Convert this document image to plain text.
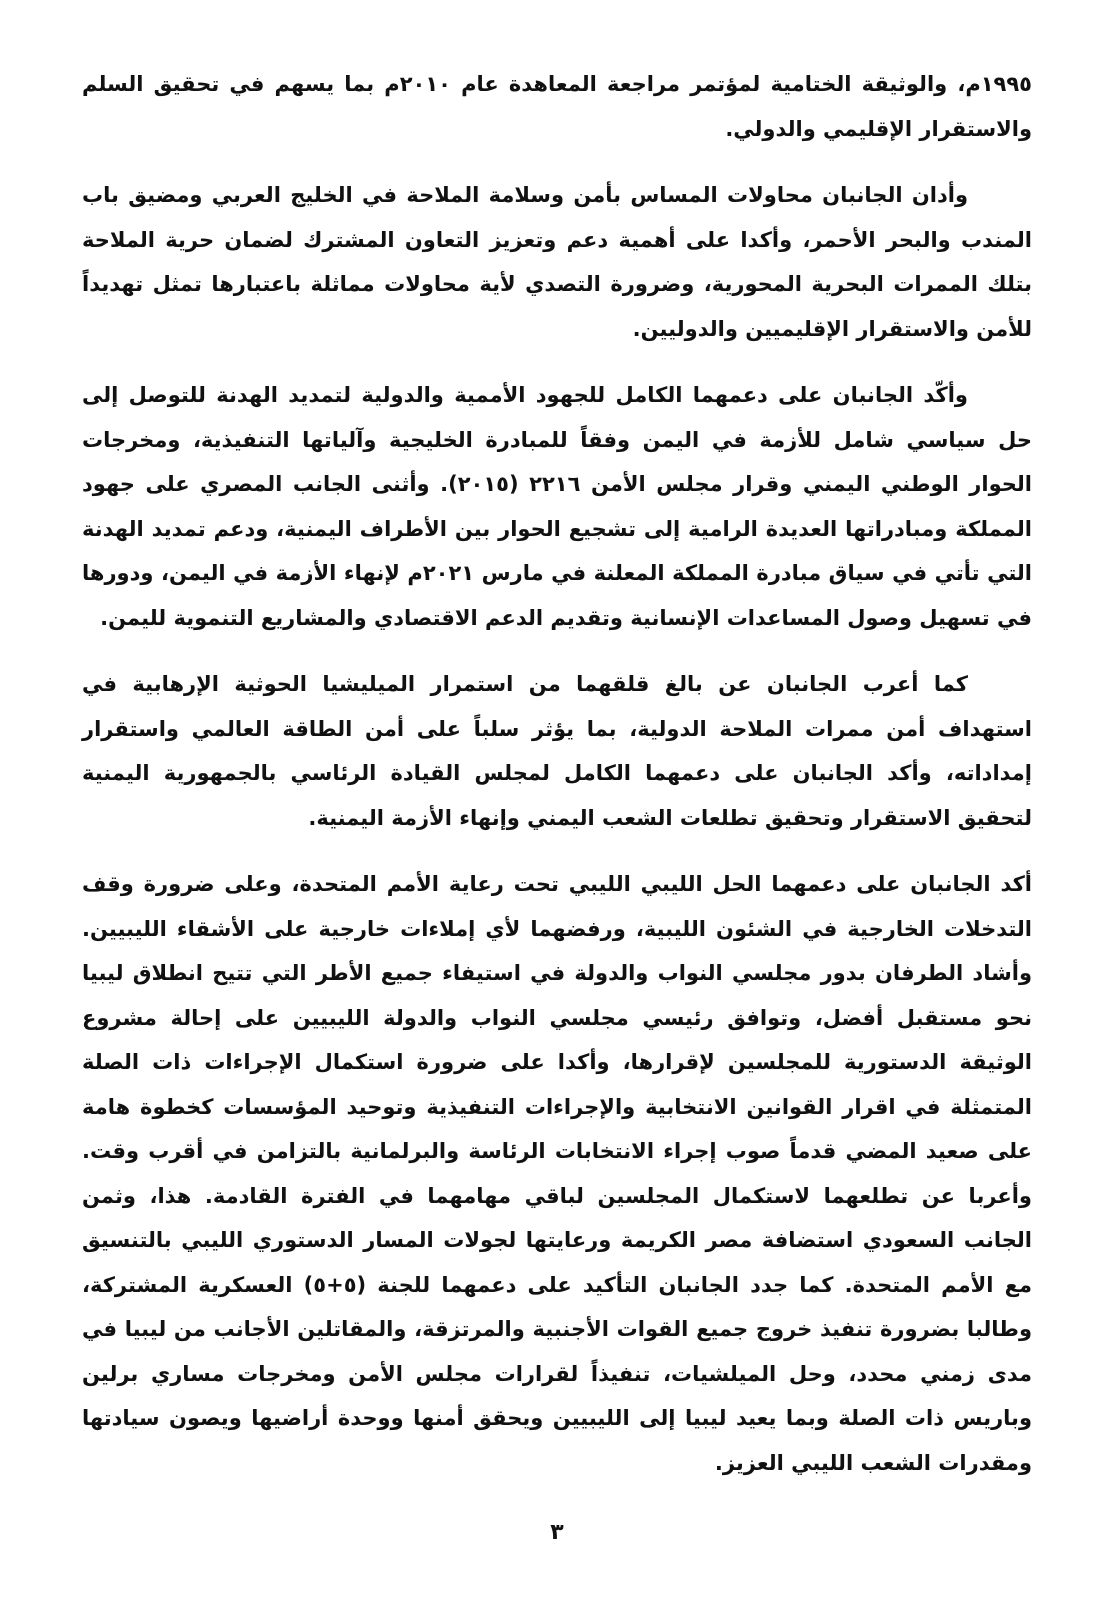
١٩٩٥م، والوثيقة الختامية لمؤتمر مراجعة المعاهدة عام ٢٠١٠م بما يسهم في تحقيق السلم والاستقرار الإقليمي والدولي.

وأدان الجانبان محاولات المساس بأمن وسلامة الملاحة في الخليج العربي ومضيق باب المندب والبحر الأحمر، وأكدا على أهمية دعم وتعزيز التعاون المشترك لضمان حرية الملاحة بتلك الممرات البحرية المحورية، وضرورة التصدي لأية محاولات مماثلة باعتبارها تمثل تهديداً للأمن والاستقرار الإقليميين والدوليين.

وأكّد الجانبان على دعمهما الكامل للجهود الأممية والدولية لتمديد الهدنة للتوصل إلى حل سياسي شامل للأزمة في اليمن وفقاً للمبادرة الخليجية وآلياتها التنفيذية، ومخرجات الحوار الوطني اليمني وقرار مجلس الأمن ٢٢١٦ (٢٠١٥). وأثنى الجانب المصري على جهود المملكة ومبادراتها العديدة الرامية إلى تشجيع الحوار بين الأطراف اليمنية، ودعم تمديد الهدنة التي تأتي في سياق مبادرة المملكة المعلنة في مارس ٢٠٢١م لإنهاء الأزمة في اليمن، ودورها في تسهيل وصول المساعدات الإنسانية وتقديم الدعم الاقتصادي والمشاريع التنموية لليمن.

كما أعرب الجانبان عن بالغ قلقهما من استمرار الميليشيا الحوثية الإرهابية في استهداف أمن ممرات الملاحة الدولية، بما يؤثر سلباً على أمن الطاقة العالمي واستقرار إمداداته، وأكد الجانبان على دعمهما الكامل لمجلس القيادة الرئاسي بالجمهورية اليمنية لتحقيق الاستقرار وتحقيق تطلعات الشعب اليمني وإنهاء الأزمة اليمنية.

أكد الجانبان على دعمهما الحل الليبي الليبي تحت رعاية الأمم المتحدة، وعلى ضرورة وقف التدخلات الخارجية في الشئون الليبية، ورفضهما لأي إملاءات خارجية على الأشقاء الليبيين. وأشاد الطرفان بدور مجلسي النواب والدولة في استيفاء جميع الأطر التي تتيح انطلاق ليبيا نحو مستقبل أفضل، وتوافق رئيسي مجلسي النواب والدولة الليبيين على إحالة مشروع الوثيقة الدستورية للمجلسين لإقرارها، وأكدا على ضرورة استكمال الإجراءات ذات الصلة المتمثلة في اقرار القوانين الانتخابية والإجراءات التنفيذية وتوحيد المؤسسات كخطوة هامة على صعيد المضي قدماً صوب إجراء الانتخابات الرئاسة والبرلمانية بالتزامن في أقرب وقت. وأعربا عن تطلعهما لاستكمال المجلسين لباقي مهامهما في الفترة القادمة. هذا، وثمن الجانب السعودي استضافة مصر الكريمة ورعايتها لجولات المسار الدستوري الليبي بالتنسيق مع الأمم المتحدة. كما جدد الجانبان التأكيد على دعمهما للجنة (٥+٥) العسكرية المشتركة، وطالبا بضرورة تنفيذ خروج جميع القوات الأجنبية والمرتزقة، والمقاتلين الأجانب من ليبيا في مدى زمني محدد، وحل الميلشيات، تنفيذاً لقرارات مجلس الأمن ومخرجات مساري برلين وباريس ذات الصلة وبما يعيد ليبيا إلى الليبيين ويحقق أمنها ووحدة أراضيها ويصون سيادتها ومقدرات الشعب الليبي العزيز.

٣
